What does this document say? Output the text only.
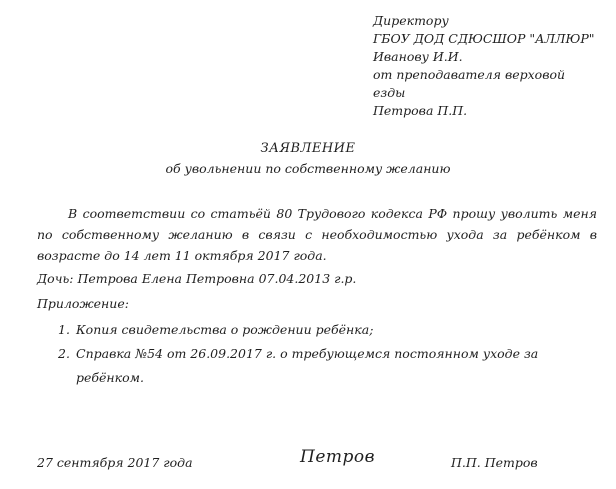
Директору
ГБОУ ДОД СДЮСШОР "АЛЛЮР"
Иванову И.И.
от преподавателя верховой
езды
Петрова П.П.
ЗАЯВЛЕНИЕ
об увольнении по собственному желанию
В соответствии со статьёй 80 Трудового кодекса РФ прошу уволить меня по собственному желанию в связи с необходимостью ухода за ребёнком в возрасте до 14 лет 11 октября 2017 года.
Дочь: Петрова Елена Петровна 07.04.2013 г.р.
Приложение:
1. Копия свидетельства о рождении ребёнка;
2. Справка №54 от 26.09.2017 г. о требующемся постоянном уходе за ребёнком.
27 сентября 2017 года	Петров	П.П. Петров
